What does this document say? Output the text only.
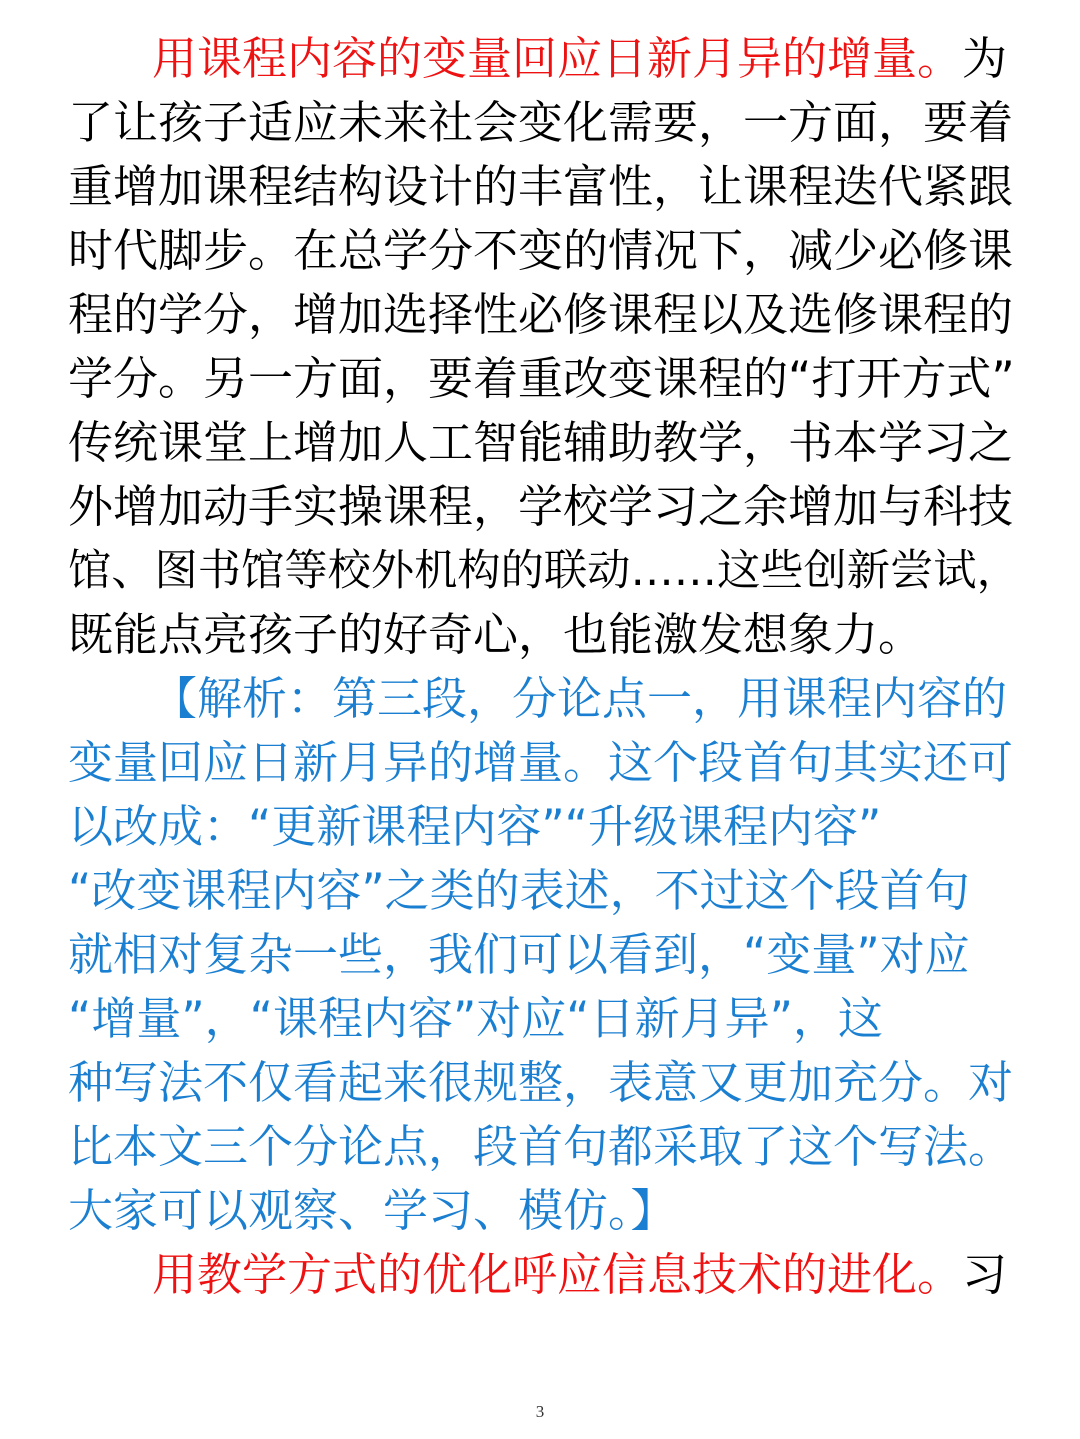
用课程内容的变量回应日新月异的增量。为
了让孩子适应未来社会变化需要，一方面，要着
重增加课程结构设计的丰富性，让课程迭代紧跟
时代脚步。在总学分不变的情况下，减少必修课
程的学分，增加选择性必修课程以及选修课程的
学分。另一方面，要着重改变课程的“打开方式”
传统课堂上增加人工智能辅助教学，书本学习之
外增加动手实操课程，学校学习之余增加与科技
馆、图书馆等校外机构的联动……这些创新尝试，
既能点亮孩子的好奇心，也能激发想象力。
【解析：第三段，分论点一，用课程内容的
变量回应日新月异的增量。这个段首句其实还可
以改成：“更新课程内容”“升级课程内容”
“改变课程内容”之类的表述，不过这个段首句
就相对复杂一些，我们可以看到，“变量”对应
“增量”，“课程内容”对应“日新月异”，这
种写法不仅看起来很规整，表意又更加充分。对
比本文三个分论点，段首句都采取了这个写法。
大家可以观察、学习、模仿。】
用教学方式的优化呼应信息技术的进化。习
3
